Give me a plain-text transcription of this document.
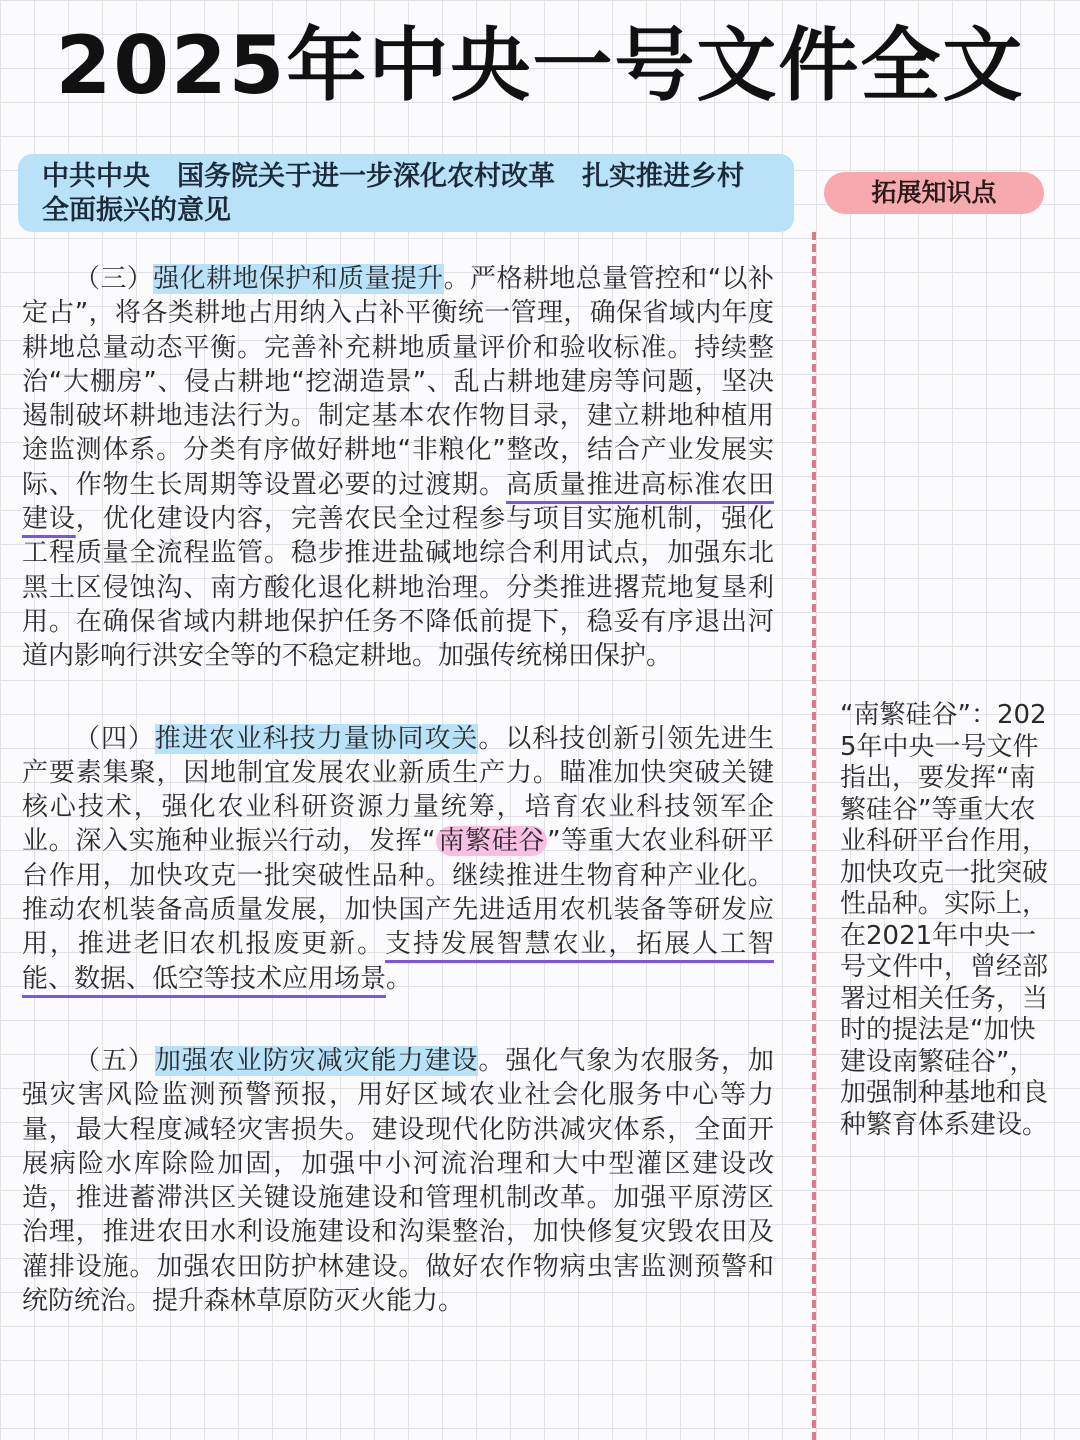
2025年中央一号文件全文
中共中央　国务院关于进一步深化农村改革　扎实推进乡村全面振兴的意见
拓展知识点

（三）强化耕地保护和质量提升。严格耕地总量管控和“以补定占”，将各类耕地占用纳入占补平衡统一管理，确保省域内年度耕地总量动态平衡。完善补充耕地质量评价和验收标准。持续整治“大棚房”、侵占耕地“挖湖造景”、乱占耕地建房等问题，坚决遏制破坏耕地违法行为。制定基本农作物目录，建立耕地种植用途监测体系。分类有序做好耕地“非粮化”整改，结合产业发展实际、作物生长周期等设置必要的过渡期。高质量推进高标准农田建设，优化建设内容，完善农民全过程参与项目实施机制，强化工程质量全流程监管。稳步推进盐碱地综合利用试点，加强东北黑土区侵蚀沟、南方酸化退化耕地治理。分类推进撂荒地复垦利用。在确保省域内耕地保护任务不降低前提下，稳妥有序退出河道内影响行洪安全等的不稳定耕地。加强传统梯田保护。

（四）推进农业科技力量协同攻关。以科技创新引领先进生产要素集聚，因地制宜发展农业新质生产力。瞄准加快突破关键核心技术，强化农业科研资源力量统筹，培育农业科技领军企业。深入实施种业振兴行动，发挥“南繁硅谷”等重大农业科研平台作用，加快攻克一批突破性品种。继续推进生物育种产业化。推动农机装备高质量发展，加快国产先进适用农机装备等研发应用，推进老旧农机报废更新。支持发展智慧农业，拓展人工智能、数据、低空等技术应用场景。

（五）加强农业防灾减灾能力建设。强化气象为农服务，加强灾害风险监测预警预报，用好区域农业社会化服务中心等力量，最大程度减轻灾害损失。建设现代化防洪减灾体系，全面开展病险水库除险加固，加强中小河流治理和大中型灌区建设改造，推进蓄滞洪区关键设施建设和管理机制改革。加强平原涝区治理，推进农田水利设施建设和沟渠整治，加快修复灾毁农田及灌排设施。加强农田防护林建设。做好农作物病虫害监测预警和统防统治。提升森林草原防灭火能力。

“南繁硅谷”：2025年中央一号文件指出，要发挥“南繁硅谷”等重大农业科研平台作用，加快攻克一批突破性品种。实际上，在2021年中央一号文件中，曾经部署过相关任务，当时的提法是“加快建设南繁硅谷”，加强制种基地和良种繁育体系建设。
